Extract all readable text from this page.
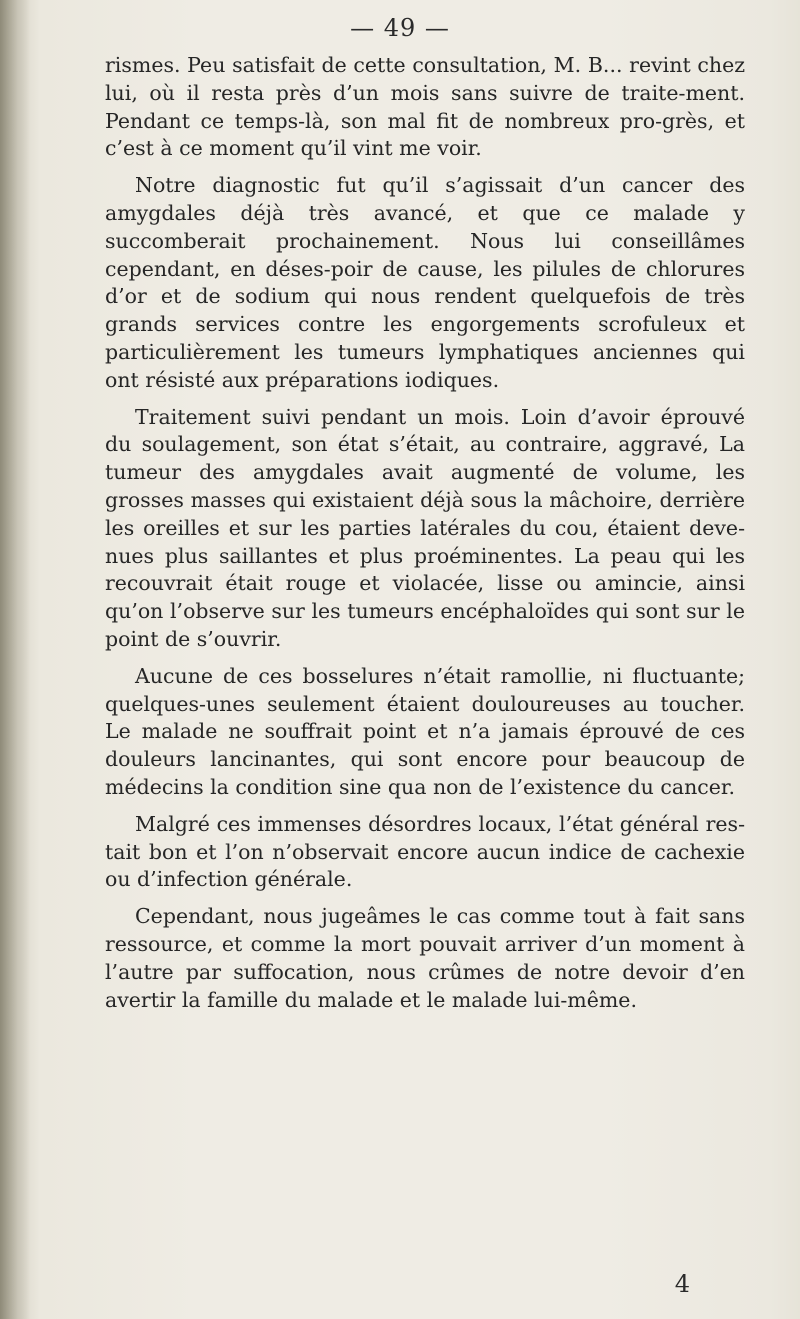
— 49 —

rismes. Peu satisfait de cette consultation, M. B... revint chez lui, où il resta près d’un mois sans suivre de traite-ment. Pendant ce temps-là, son mal fit de nombreux pro-grès, et c’est à ce moment qu’il vint me voir.

Notre diagnostic fut qu’il s’agissait d’un cancer des amygdales déjà très avancé, et que ce malade y succomberait prochainement. Nous lui conseillâmes cependant, en déses-poir de cause, les pilules de chlorures d’or et de sodium qui nous rendent quelquefois de très grands services contre les engorgements scrofuleux et particulièrement les tumeurs lymphatiques anciennes qui ont résisté aux préparations iodiques.

Traitement suivi pendant un mois. Loin d’avoir éprouvé du soulagement, son état s’était, au contraire, aggravé, La tumeur des amygdales avait augmenté de volume, les grosses masses qui existaient déjà sous la mâchoire, derrière les oreilles et sur les parties latérales du cou, étaient deve-nues plus saillantes et plus proéminentes. La peau qui les recouvrait était rouge et violacée, lisse ou amincie, ainsi qu’on l’observe sur les tumeurs encéphaloïdes qui sont sur le point de s’ouvrir.

Aucune de ces bosselures n’était ramollie, ni fluctuante; quelques-unes seulement étaient douloureuses au toucher. Le malade ne souffrait point et n’a jamais éprouvé de ces douleurs lancinantes, qui sont encore pour beaucoup de médecins la condition sine qua non de l’existence du cancer.

Malgré ces immenses désordres locaux, l’état général res-tait bon et l’on n’observait encore aucun indice de cachexie ou d’infection générale.

Cependant, nous jugeâmes le cas comme tout à fait sans ressource, et comme la mort pouvait arriver d’un moment à l’autre par suffocation, nous crûmes de notre devoir d’en avertir la famille du malade et le malade lui-même.

4
